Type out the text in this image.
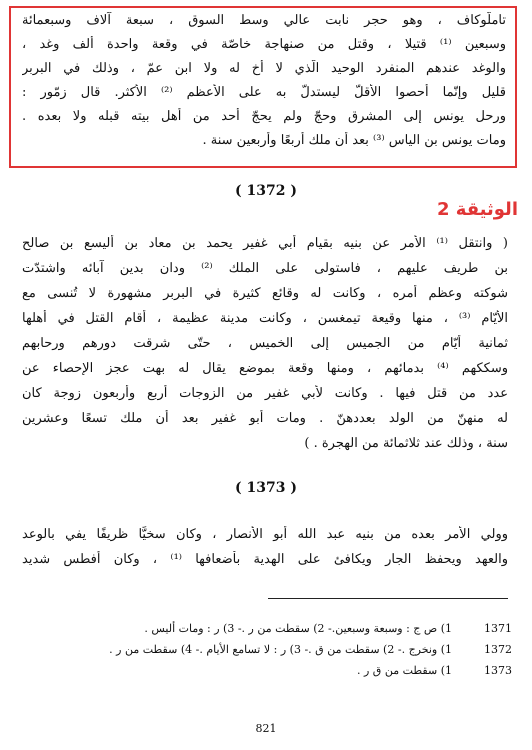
تاملّوكاف ، وهو حجر نابت عالي وسط السوق ، سبعة آلاف وسبعمائة
وسبعين ⁽¹⁾ قتيلا ، وقتل من صنهاجة خاصّة في وقعة واحدة ألف وغد ،
والوغد عندهم المنفرد الوحيد الّذي لا أخ له ولا ابن عمّ ، وذلك في البربر
قليل وإنّما أحصوا الأقلّ ليستدلّ به على الأعظم ⁽²⁾ الأكثر. قال زمّور :
ورحل يونس إلى المشرق وحجّ ولم يحجّ أحد من أهل بيته قبله ولا بعده .
ومات يونس بن الياس ⁽³⁾ بعد أن ملك أربعًا وأربعين سنة .
( 1372 )
الوثيقة 2
( وانتقل ⁽¹⁾ الأمر عن بنيه بقيام أبي غفير يحمد بن معاد بن أليسع بن صالح
بن طريف عليهم ، فاستولى على الملك ⁽²⁾ ودان بدين آبائه واشتدّت
شوكته وعظم أمره ، وكانت له وقائع كثيرة في البربر مشهورة لا تُنسى مع
الأيّام ⁽³⁾ ، منها وقيعة تيمغسن ، وكانت مدينة عظيمة ، أقام القتل في أهلها
ثمانية أيّام من الجميس إلى الخميس ، حتّى شرقت دورهم ورحابهم
وسككهم ⁽⁴⁾ بدمائهم ، ومنها وقعة بموضع يقال له بهت عجز الإحصاء عن
عدد من قتل فيها . وكانت لأبي غفير من الزوجات أربع وأربعون زوجة كان
له منهنّ من الولد بعددهنّ . ومات أبو غفير بعد أن ملك تسعًا وعشرين
سنة ، وذلك عند ثلاثمائة من الهجرة . )
( 1373 )
وولي الأمر بعده من بنيه عبد الله أبو الأنصار ، وكان سخيًّا ظريفًا يفي بالوعد
والعهد ويحفظ الجار ويكافئ على الهدية بأضعافها ⁽¹⁾ ، وكان أفطس شديد
1371
1) ص ج : وسبعة وسبعين.- 2) سقطت من ر .- 3) ر : ومات أليس .
1372
1) ونخرج .- 2) سقطت من ق .- 3) ر : لا تسامع الأيام .- 4) سقطت من ر .
1373
1) سقطت من ق ر .
821
